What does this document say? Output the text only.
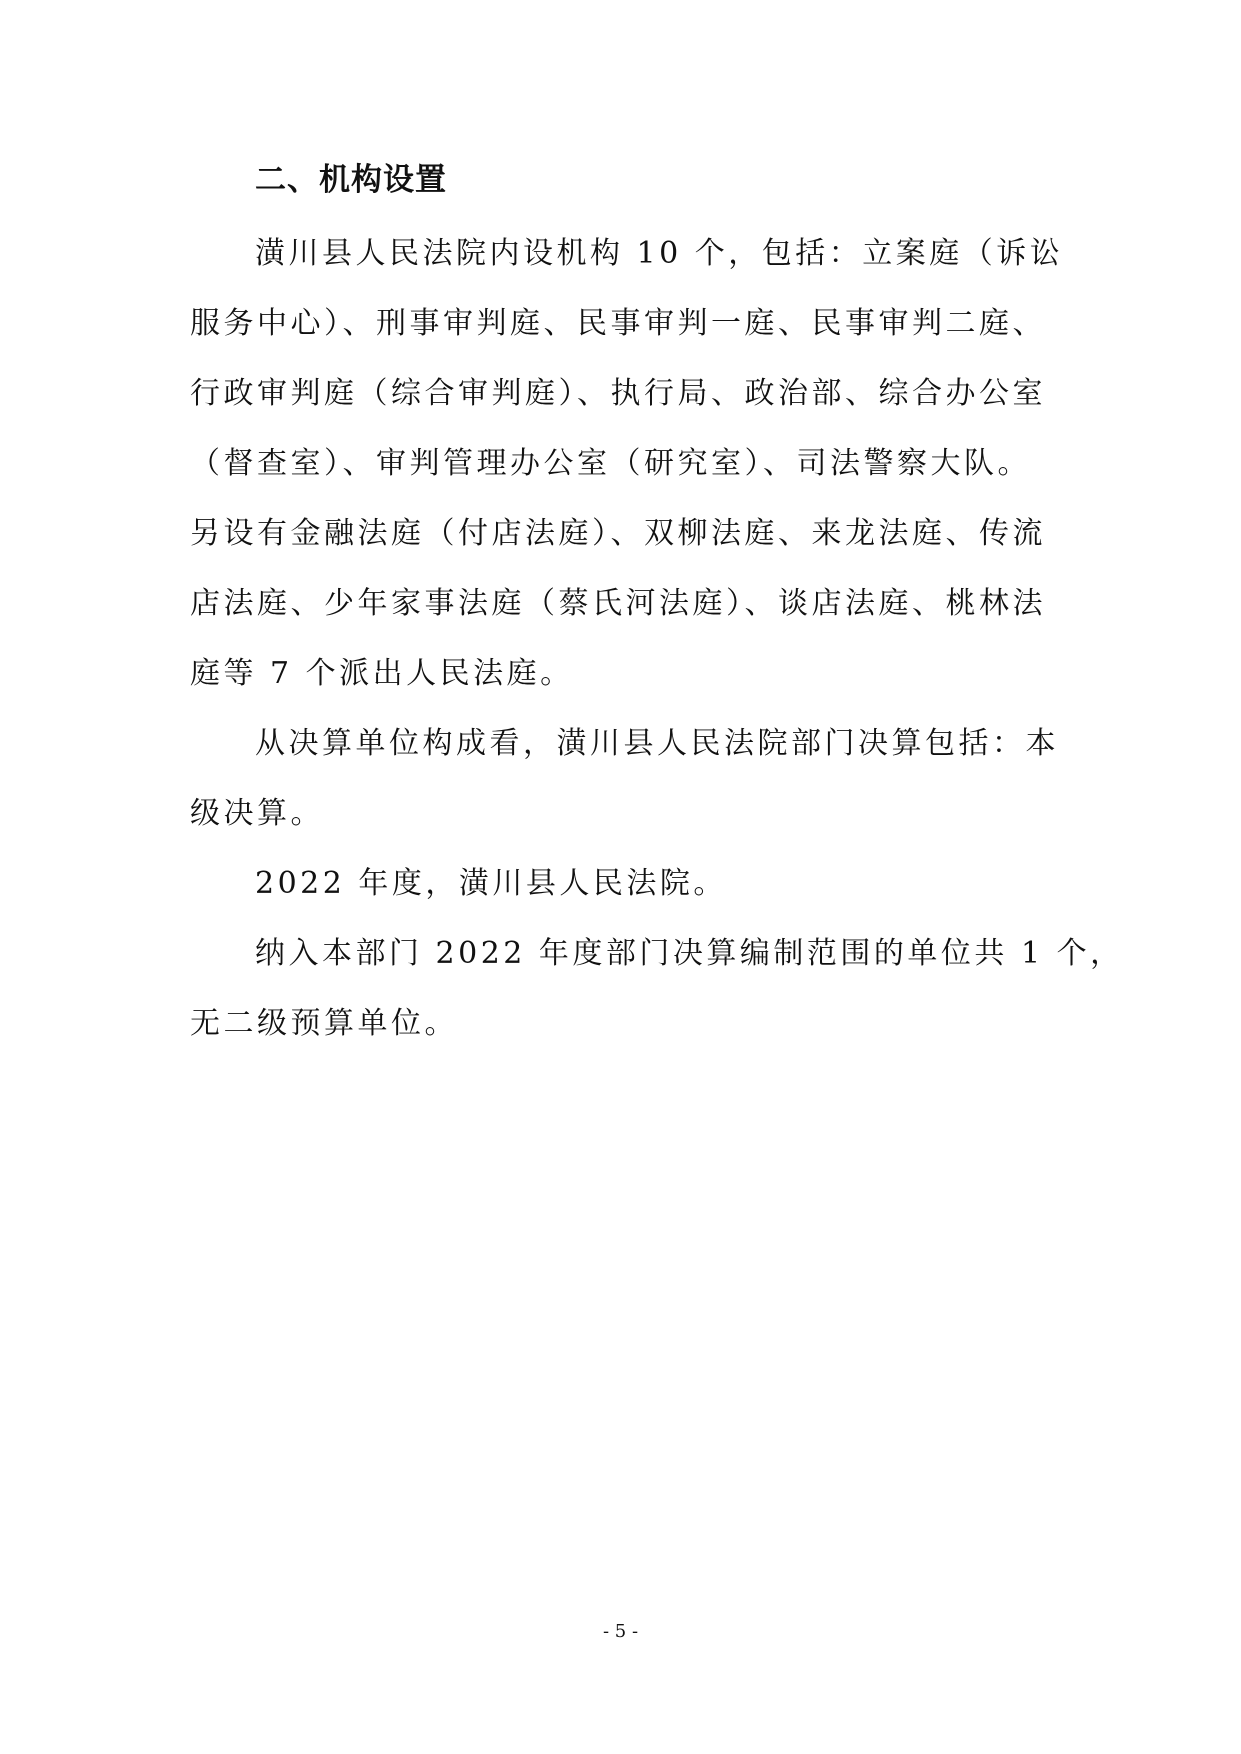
二、机构设置
潢川县人民法院内设机构 10 个，包括：立案庭（诉讼
服务中心）、刑事审判庭、民事审判一庭、民事审判二庭、
行政审判庭（综合审判庭）、执行局、政治部、综合办公室
（督查室）、审判管理办公室（研究室）、司法警察大队。
另设有金融法庭（付店法庭）、双柳法庭、来龙法庭、传流
店法庭、少年家事法庭（蔡氏河法庭）、谈店法庭、桃林法
庭等 7 个派出人民法庭。
从决算单位构成看，潢川县人民法院部门决算包括：本
级决算。
2022 年度，潢川县人民法院。
纳入本部门 2022 年度部门决算编制范围的单位共 1 个，
无二级预算单位。
- 5 -
